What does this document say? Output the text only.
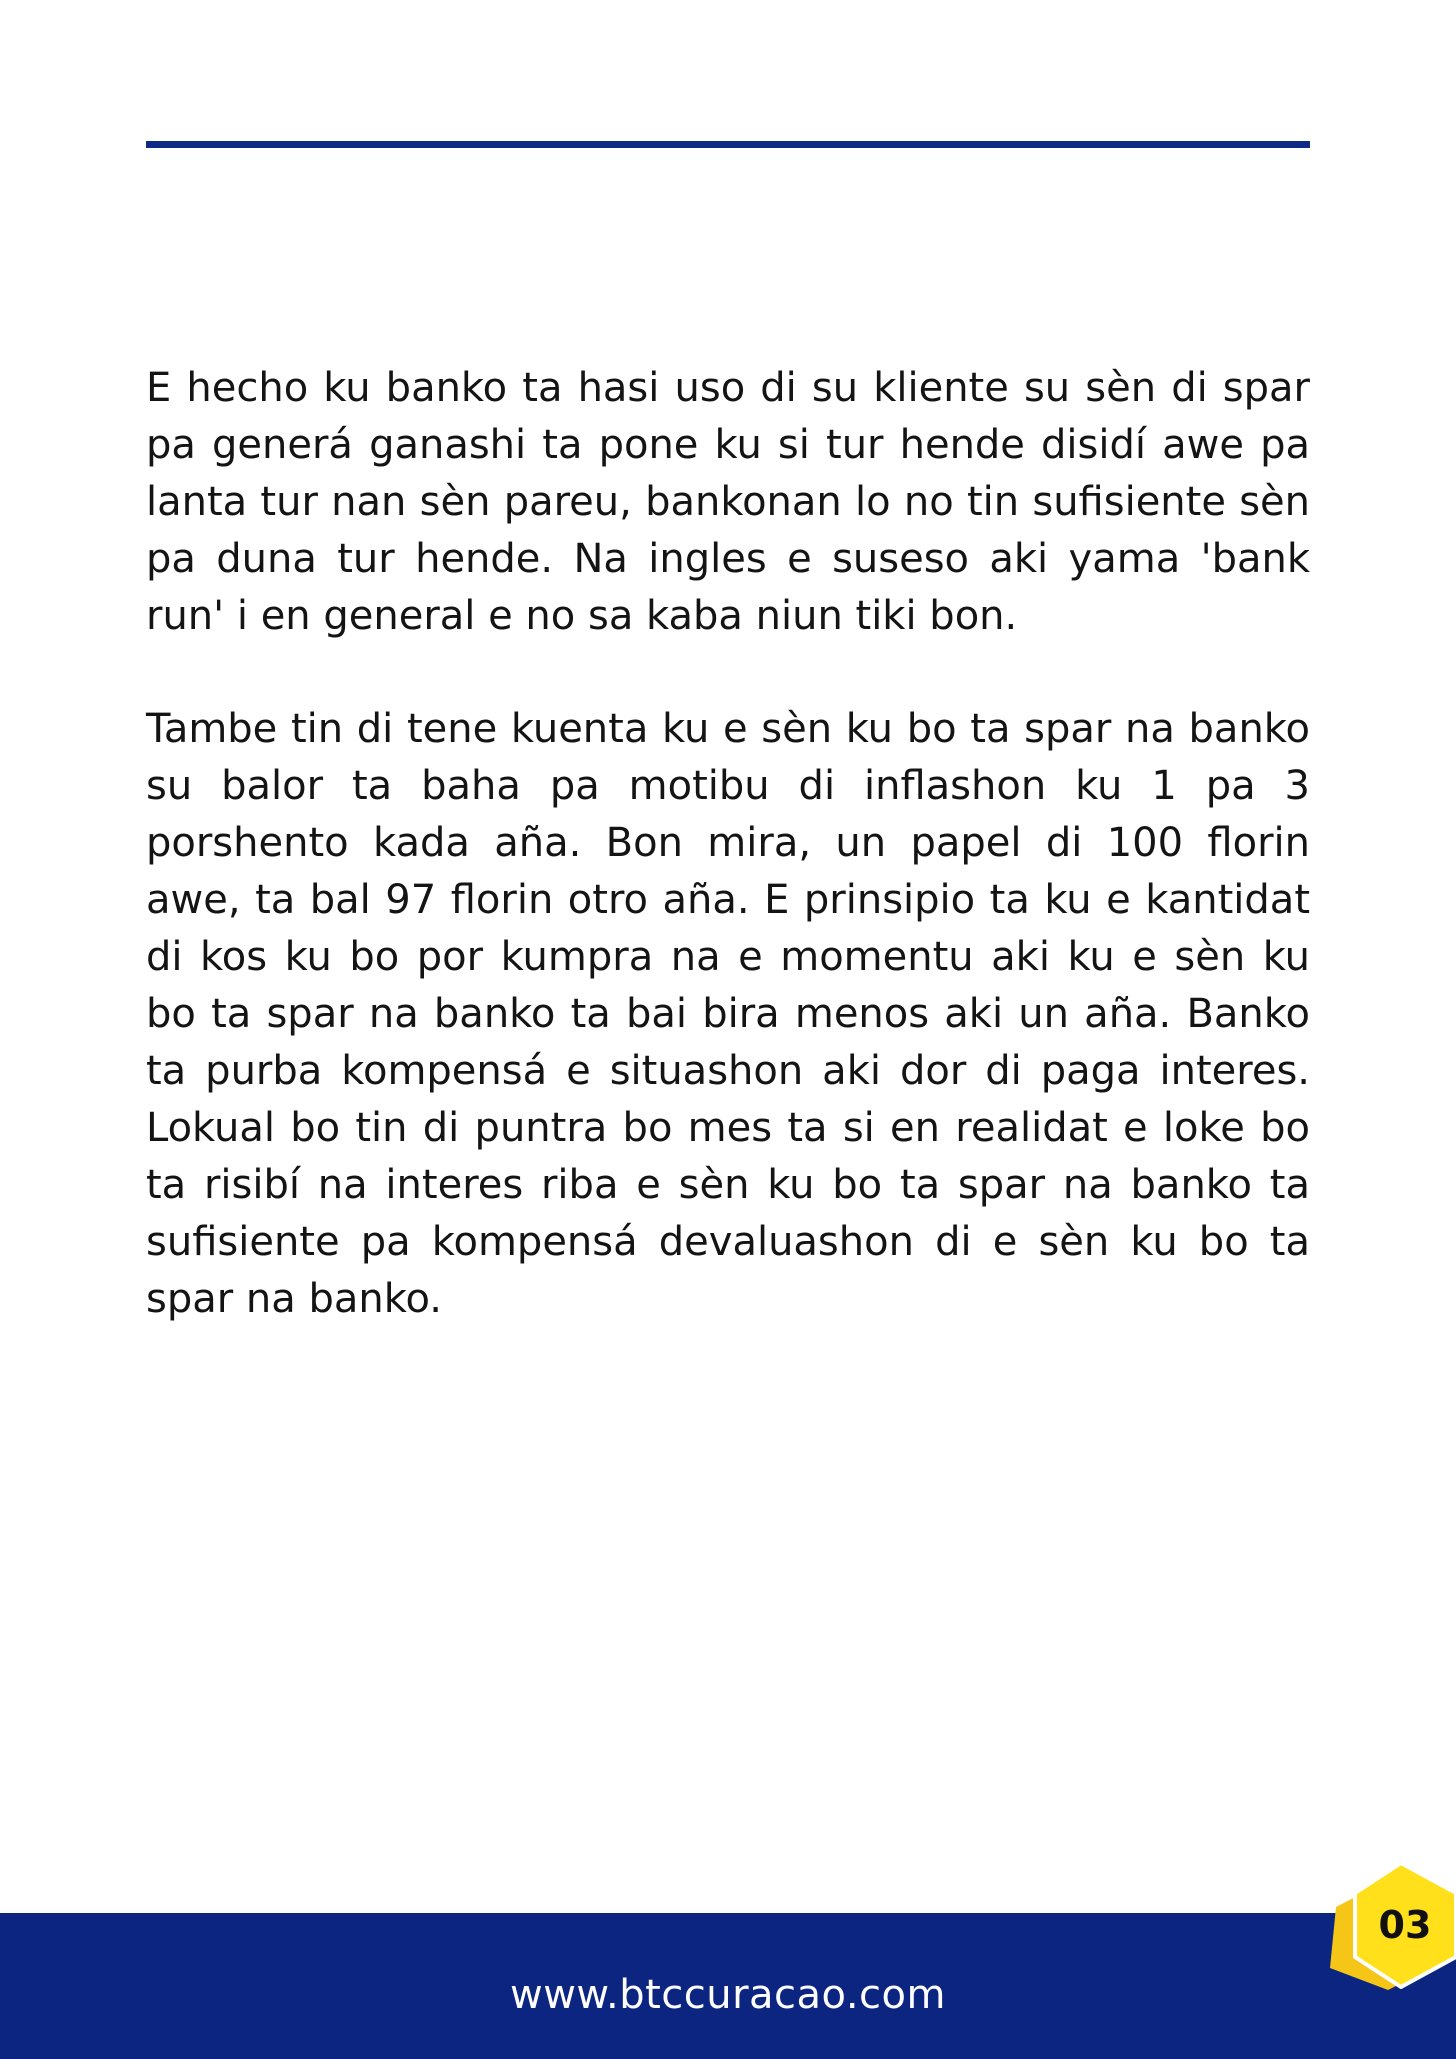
E hecho ku banko ta hasi uso di su kliente su sèn di spar pa generá ganashi ta pone ku si tur hende disidí awe pa lanta tur nan sèn pareu, bankonan lo no tin sufisiente sèn pa duna tur hende. Na ingles e suseso aki yama 'bank run' i en general e no sa kaba niun tiki bon.

Tambe tin di tene kuenta ku e sèn ku bo ta spar na banko su balor ta baha pa motibu di inflashon ku 1 pa 3 porshento kada aña. Bon mira, un papel di 100 florin awe, ta bal 97 florin otro aña. E prinsipio ta ku e kantidat di kos ku bo por kumpra na e momentu aki ku e sèn ku bo ta spar na banko ta bai bira menos aki un aña. Banko ta purba kompensá e situashon aki dor di paga interes. Lokual bo tin di puntra bo mes ta si en realidat e loke bo ta risibí na interes riba e sèn ku bo ta spar na banko ta sufisiente pa kompensá devaluashon di e sèn ku bo ta spar na banko.

www.btccuracao.com
03
